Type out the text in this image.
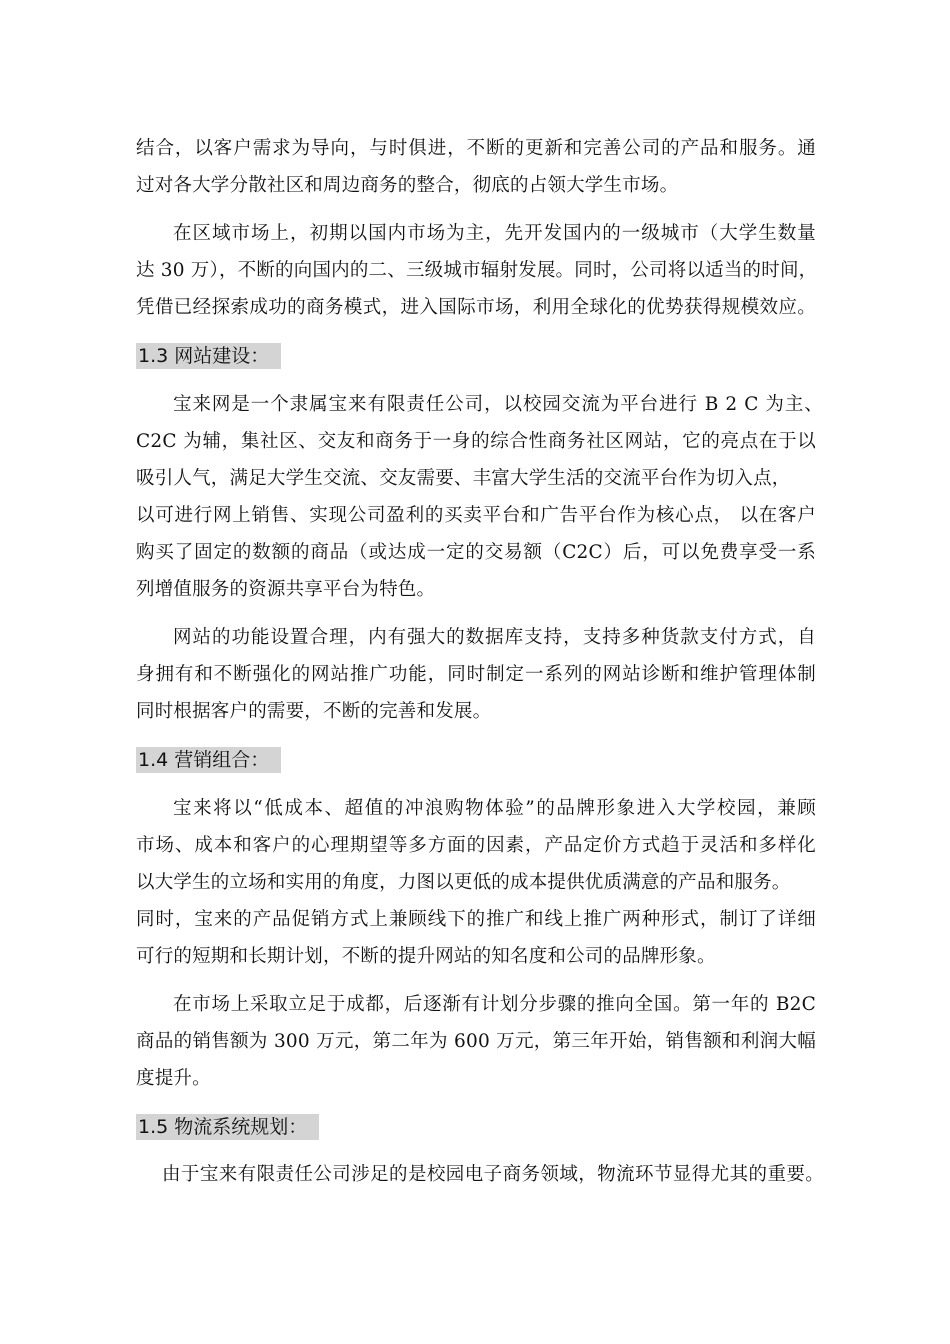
结合，以客户需求为导向，与时俱进，不断的更新和完善公司的产品和服务。通
过对各大学分散社区和周边商务的整合，彻底的占领大学生市场。
在区域市场上，初期以国内市场为主，先开发国内的一级城市（大学生数量
达 30 万），不断的向国内的二、三级城市辐射发展。同时，公司将以适当的时间，
凭借已经探索成功的商务模式，进入国际市场，利用全球化的优势获得规模效应。
1.3 网站建设：
宝来网是一个隶属宝来有限责任公司，以校园交流为平台进行 B 2 C 为主、
C2C 为辅，集社区、交友和商务于一身的综合性商务社区网站，它的亮点在于以
吸引人气，满足大学生交流、交友需要、丰富大学生活的交流平台作为切入点，
以可进行网上销售、实现公司盈利的买卖平台和广告平台作为核心点， 以在客户
购买了固定的数额的商品（或达成一定的交易额（C2C）后，可以免费享受一系
列增值服务的资源共享平台为特色。
网站的功能设置合理，内有强大的数据库支持，支持多种货款支付方式，自
身拥有和不断强化的网站推广功能，同时制定一系列的网站诊断和维护管理体制
同时根据客户的需要，不断的完善和发展。
1.4 营销组合：
宝来将以“低成本、超值的冲浪购物体验”的品牌形象进入大学校园，兼顾
市场、成本和客户的心理期望等多方面的因素，产品定价方式趋于灵活和多样化
以大学生的立场和实用的角度，力图以更低的成本提供优质满意的产品和服务。
同时，宝来的产品促销方式上兼顾线下的推广和线上推广两种形式，制订了详细
可行的短期和长期计划，不断的提升网站的知名度和公司的品牌形象。
在市场上采取立足于成都，后逐渐有计划分步骤的推向全国。第一年的 B2C
商品的销售额为 300 万元，第二年为 600 万元，第三年开始，销售额和利润大幅
度提升。
1.5 物流系统规划：
由于宝来有限责任公司涉足的是校园电子商务领域，物流环节显得尤其的重要。
